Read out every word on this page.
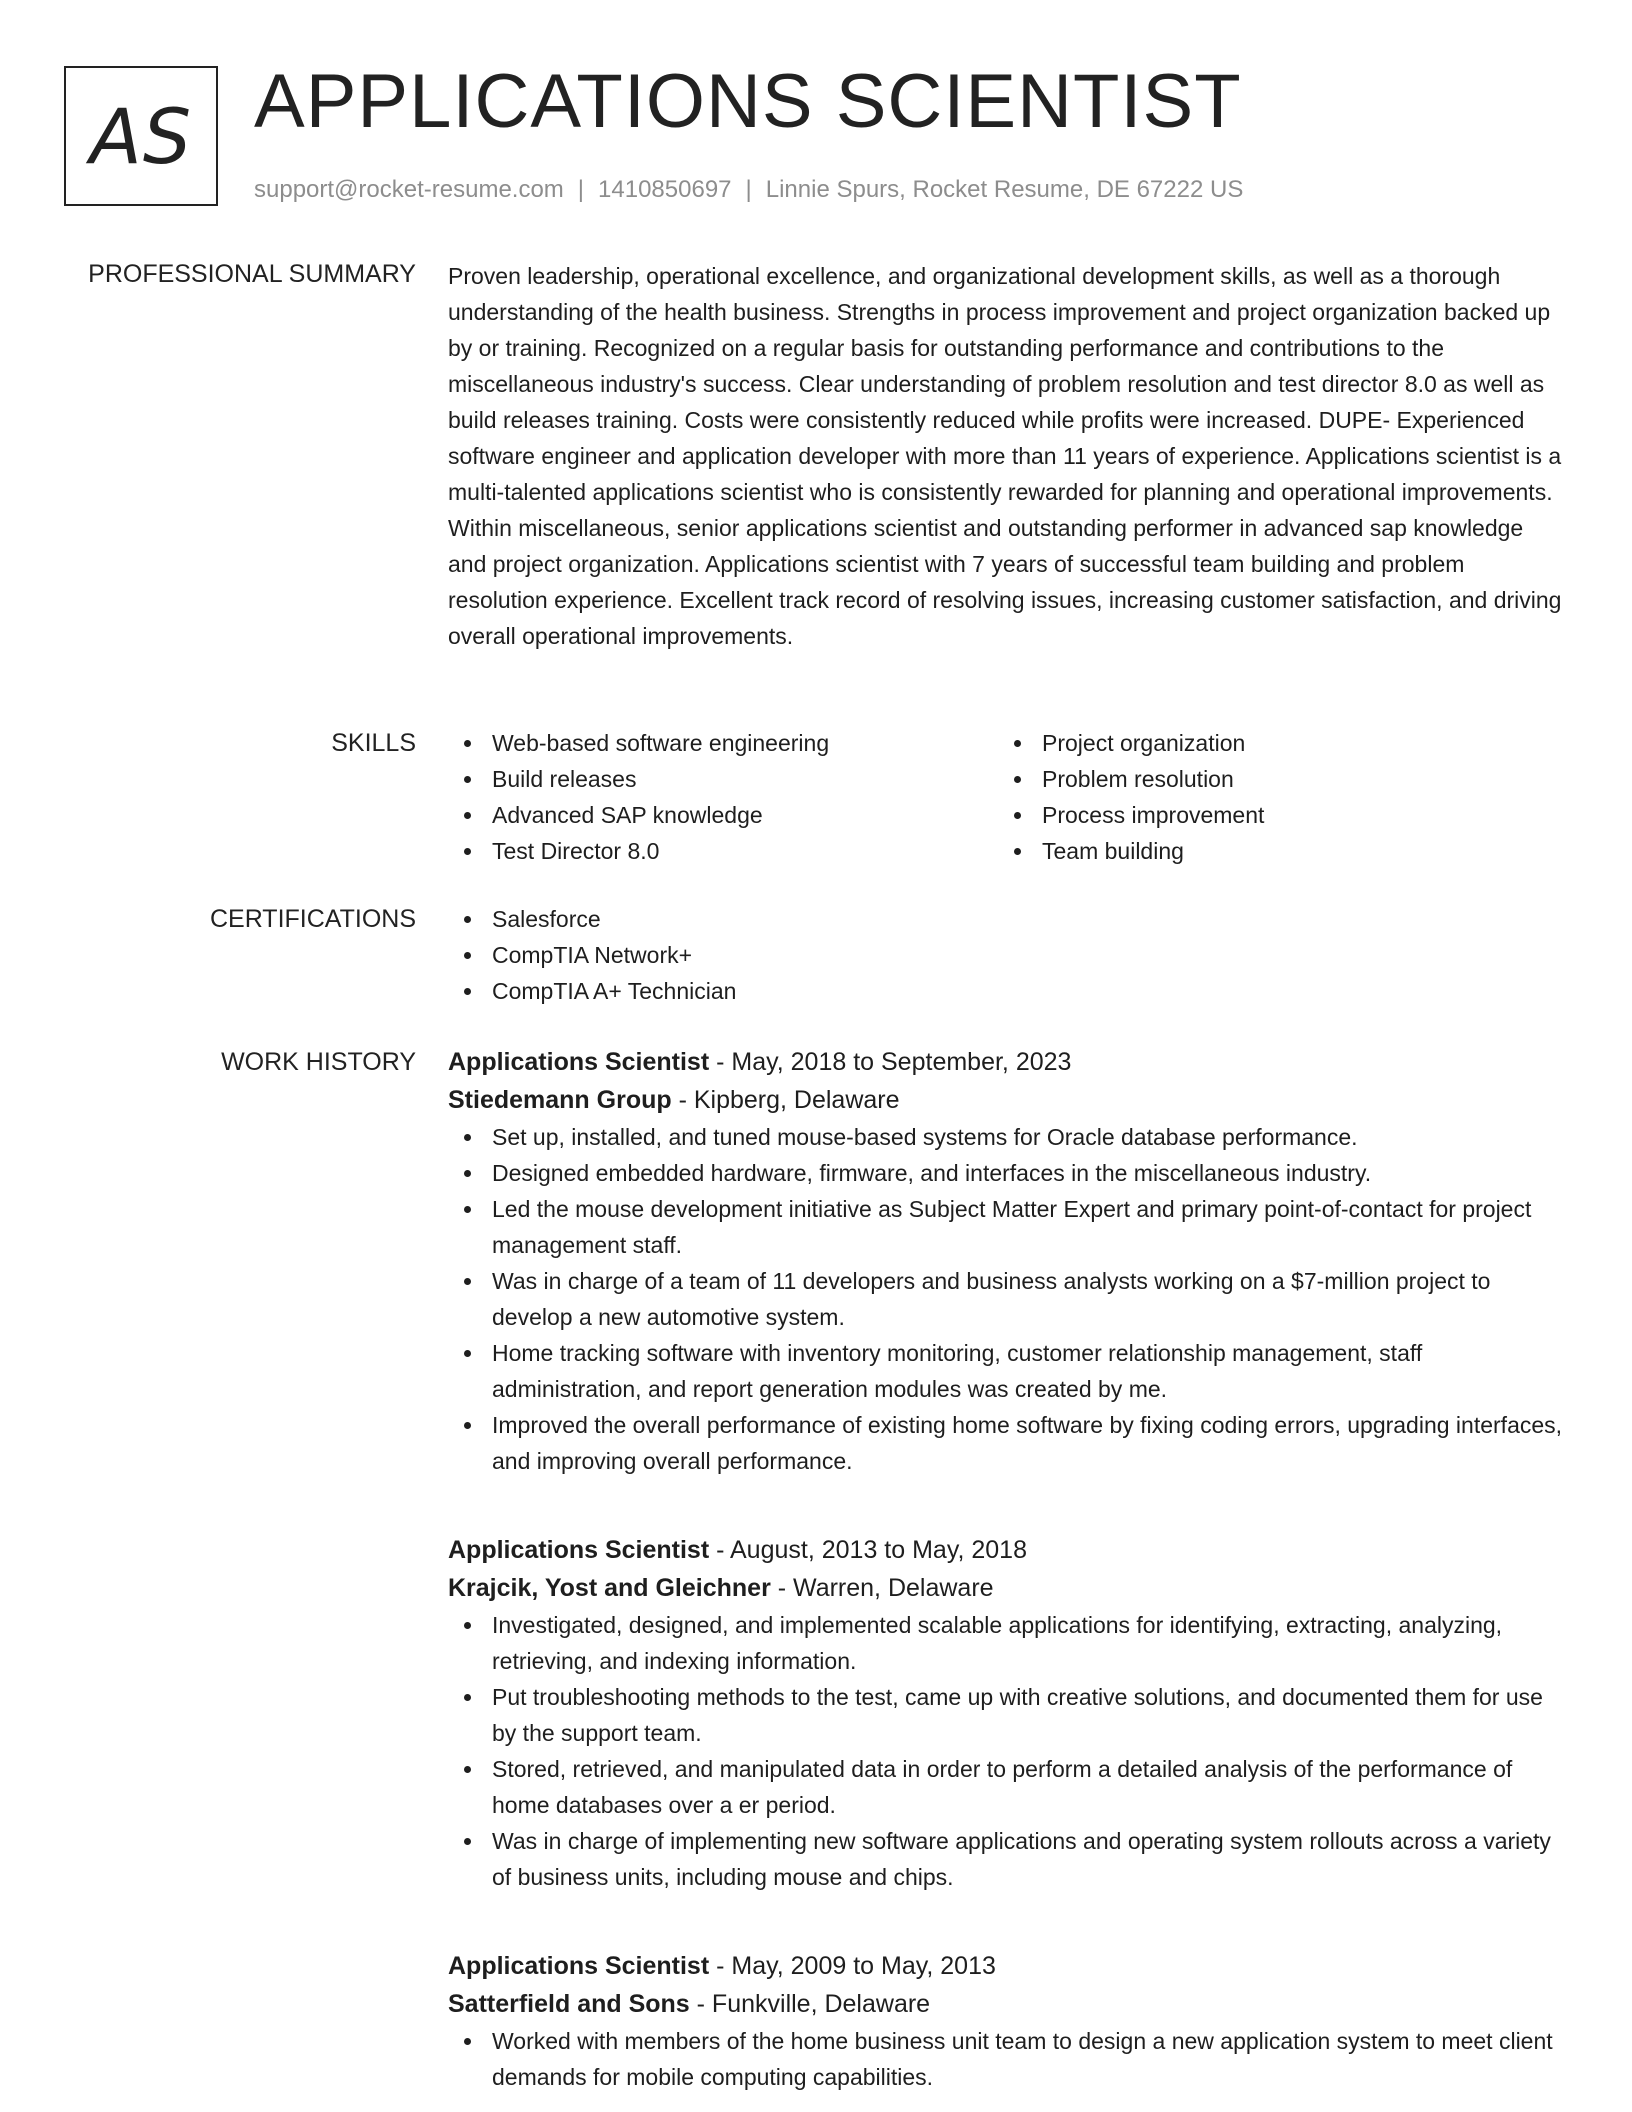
AS APPLICATIONS SCIENTIST
support@rocket-resume.com | 1410850697 | Linnie Spurs, Rocket Resume, DE 67222 US
PROFESSIONAL SUMMARY Proven leadership, operational excellence, and organizational development skills, as well as a thorough understanding of the health business. Strengths in process improvement and project organization backed up by or training. Recognized on a regular basis for outstanding performance and contributions to the miscellaneous industry's success. Clear understanding of problem resolution and test director 8.0 as well as build releases training. Costs were consistently reduced while profits were increased. DUPE- Experienced software engineer and application developer with more than 11 years of experience. Applications scientist is a multi-talented applications scientist who is consistently rewarded for planning and operational improvements. Within miscellaneous, senior applications scientist and outstanding performer in advanced sap knowledge and project organization. Applications scientist with 7 years of successful team building and problem resolution experience. Excellent track record of resolving issues, increasing customer satisfaction, and driving overall operational improvements.

SKILLS	Web-based software engineering
Build releases
Advanced SAP knowledge
Test Director 8.0
Project organization
Problem resolution
Process improvement
Team building
CERTIFICATIONS	Salesforce
CompTIA Network+
CompTIA A+ Technician
WORK HISTORY Applications Scientist - May, 2018 to September, 2023
Stiedemann Group - Kipberg, Delaware
Set up, installed, and tuned mouse-based systems for Oracle database performance.
Designed embedded hardware, firmware, and interfaces in the miscellaneous industry.
Led the mouse development initiative as Subject Matter Expert and primary point-of-contact for project management staff.
Was in charge of a team of 11 developers and business analysts working on a $7-million project to develop a new automotive system.
Home tracking software with inventory monitoring, customer relationship management, staff administration, and report generation modules was created by me.
Improved the overall performance of existing home software by fixing coding errors, upgrading interfaces, and improving overall performance.
Applications Scientist - August, 2013 to May, 2018
Krajcik, Yost and Gleichner - Warren, Delaware
Investigated, designed, and implemented scalable applications for identifying, extracting, analyzing, retrieving, and indexing information.
Put troubleshooting methods to the test, came up with creative solutions, and documented them for use by the support team.
Stored, retrieved, and manipulated data in order to perform a detailed analysis of the performance of home databases over a er period.
Was in charge of implementing new software applications and operating system rollouts across a variety of business units, including mouse and chips.
Applications Scientist - May, 2009 to May, 2013
Satterfield and Sons - Funkville, Delaware
Worked with members of the home business unit team to design a new application system to meet client demands for mobile computing capabilities.
